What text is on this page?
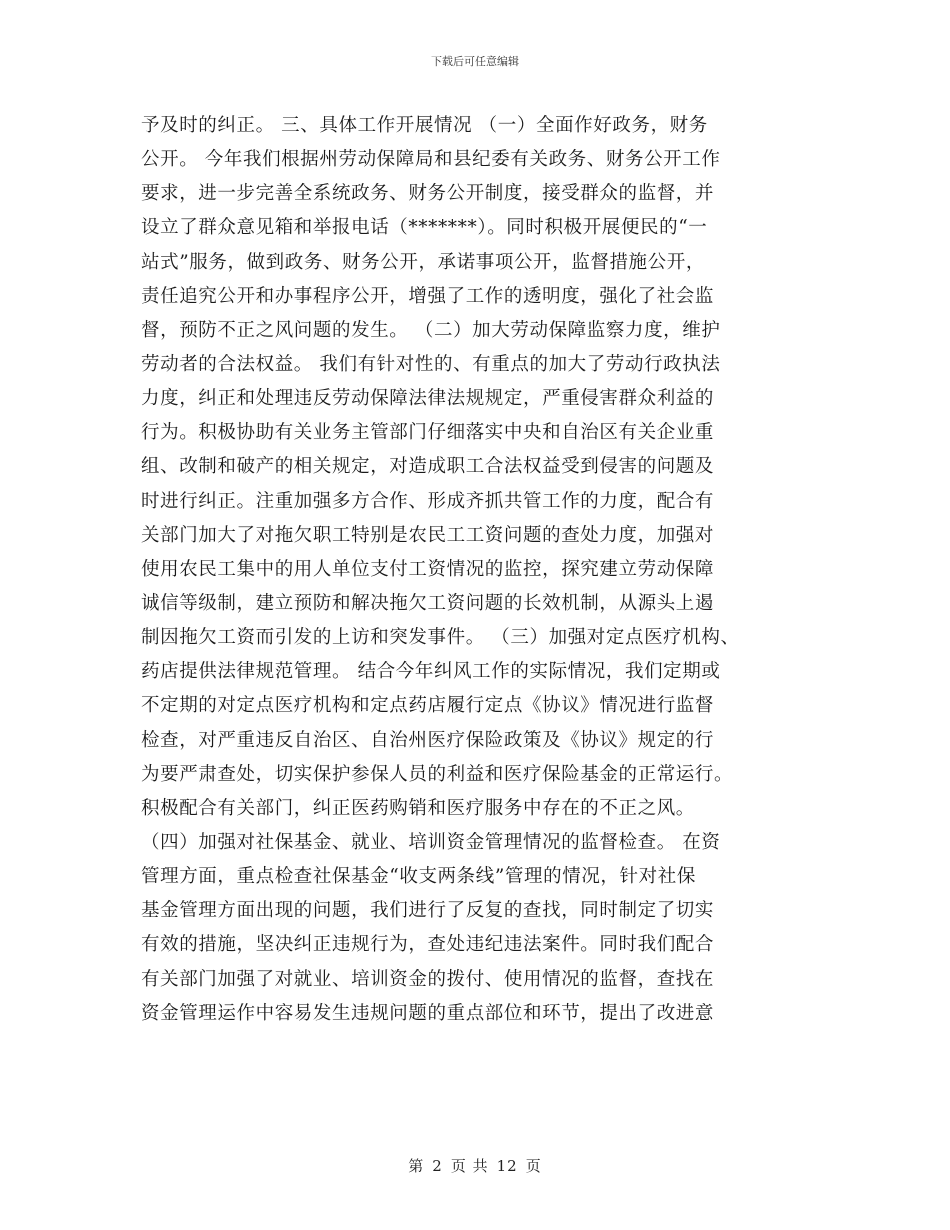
下载后可任意编辑
予及时的纠正。 三、具体工作开展情况 （一）全面作好政务，财务
公开。 今年我们根据州劳动保障局和县纪委有关政务、财务公开工作
要求，进一步完善全系统政务、财务公开制度，接受群众的监督，并
设立了群众意见箱和举报电话（*******）。同时积极开展便民的“一
站式”服务，做到政务、财务公开，承诺事项公开，监督措施公开，
责任追究公开和办事程序公开，增强了工作的透明度，强化了社会监
督，预防不正之风问题的发生。 （二）加大劳动保障监察力度，维护
劳动者的合法权益。 我们有针对性的、有重点的加大了劳动行政执法
力度，纠正和处理违反劳动保障法律法规规定，严重侵害群众利益的
行为。积极协助有关业务主管部门仔细落实中央和自治区有关企业重
组、改制和破产的相关规定，对造成职工合法权益受到侵害的问题及
时进行纠正。注重加强多方合作、形成齐抓共管工作的力度，配合有
关部门加大了对拖欠职工特别是农民工工资问题的查处力度，加强对
使用农民工集中的用人单位支付工资情况的监控，探究建立劳动保障
诚信等级制，建立预防和解决拖欠工资问题的长效机制，从源头上遏
制因拖欠工资而引发的上访和突发事件。 （三）加强对定点医疗机构、
药店提供法律规范管理。 结合今年纠风工作的实际情况，我们定期或
不定期的对定点医疗机构和定点药店履行定点《协议》情况进行监督
检查，对严重违反自治区、自治州医疗保险政策及《协议》规定的行
为要严肃查处，切实保护参保人员的利益和医疗保险基金的正常运行。
积极配合有关部门，纠正医药购销和医疗服务中存在的不正之风。
（四）加强对社保基金、就业、培训资金管理情况的监督检查。 在资
管理方面，重点检查社保基金“收支两条线”管理的情况，针对社保
基金管理方面出现的问题，我们进行了反复的查找，同时制定了切实
有效的措施，坚决纠正违规行为，查处违纪违法案件。同时我们配合
有关部门加强了对就业、培训资金的拨付、使用情况的监督，查找在
资金管理运作中容易发生违规问题的重点部位和环节，提出了改进意
第 2 页 共 12 页
